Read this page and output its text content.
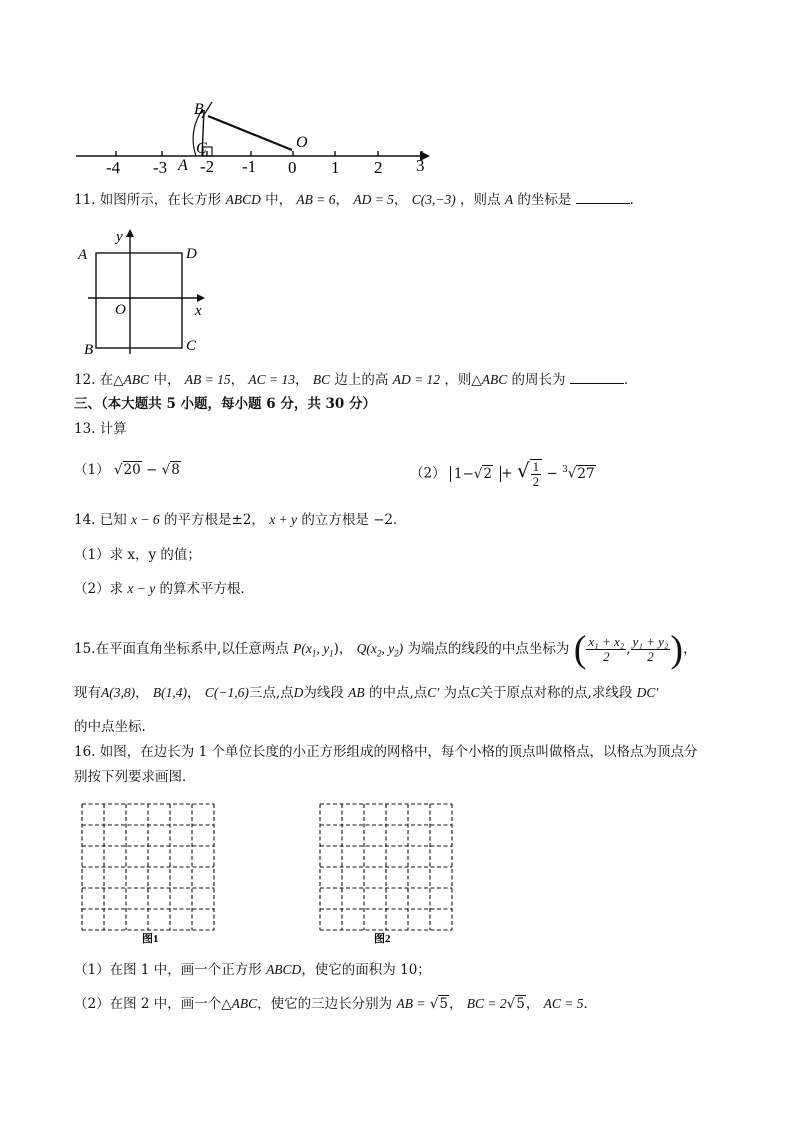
B
C
A
O
-4 -3 -2 -1 0 1 2 3
11. 如图所示，在长方形 ABCD 中， AB = 6， AD = 5， C(3,−3) ，则点 A 的坐标是	．
A
B	C
D
O	x
y
12. 在△ABC 中， AB = 15， AC = 13， BC 边上的高 AD = 12 ，则△ABC 的周长为	．
三、（本大题共 5 小题，每小题 6 分，共 30 分）
13. 计算
（1） √20 − √8	（2） 1−√2 + √ $\frac{1}{2} - ^3√27$
14. 已知 x − 6 的平方根是±2， x + y 的立方根是 −2．
（1）求 x，y 的值；
（2）求 x − y 的算术平方根．
15.在平面直角坐标系中,以任意两点 $P(x_1$, $y_1$)， $Q(x_2$, $y_2$) 为端点的线段的中点坐标为 ( $\frac{\text{x₁ + x₂}}{2}$ , $\frac{\text{y₁ + y₂}}{2}$ )，
现有A(3,8)， B(1,4)， C(−1,6)三点,点D为线段 AB 的中点,点C′ 为点C关于原点对称的点,求线段 DC′
的中点坐标．
16. 如图，在边长为 1 个单位长度的小正方形组成的网格中，每个小格的顶点叫做格点，以格点为顶点分
别按下列要求画图．
图1	图2
（1）在图 1 中，画一个正方形 ABCD，使它的面积为 10；
（2）在图 2 中，画一个△ABC，使它的三边长分别为 AB = √5， BC = 2√5， AC = 5．
